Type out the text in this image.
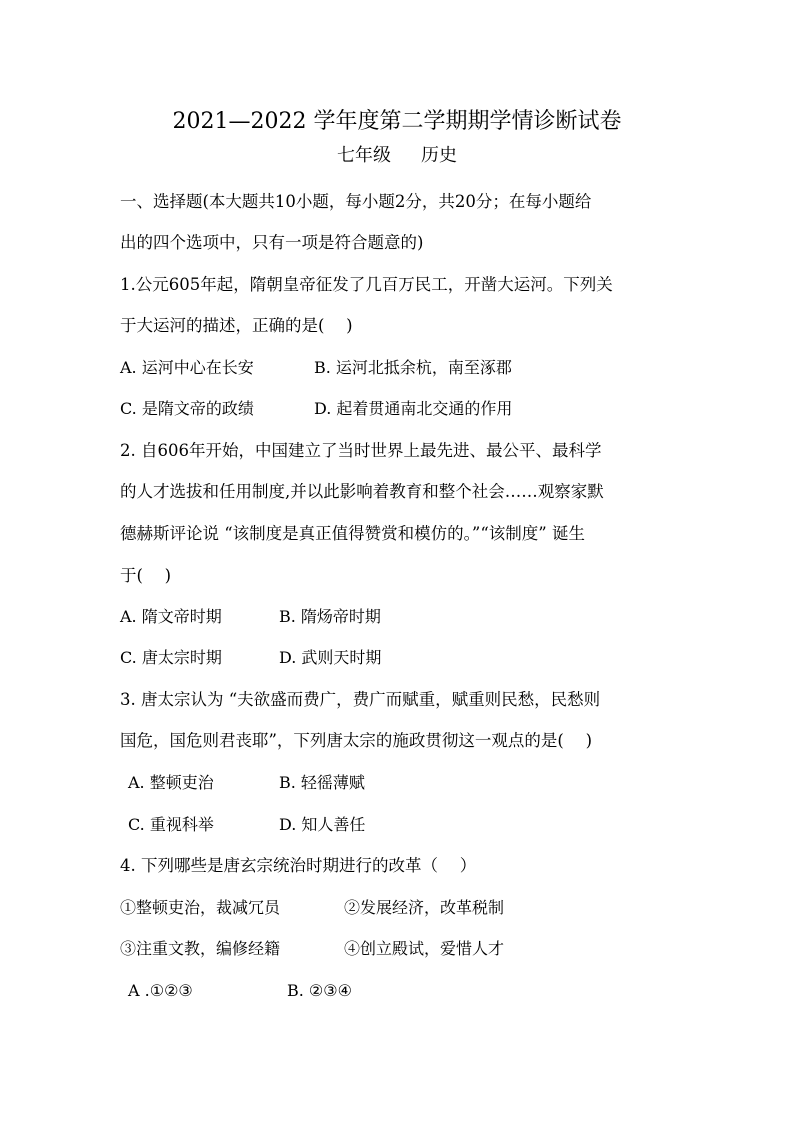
2021—2022 学年度第二学期期学情诊断试卷
七年级 历史
一、选择题(本大题共10小题，每小题2分，共20分；在每小题给
出的四个选项中，只有一项是符合题意的)
1.公元605年起，隋朝皇帝征发了几百万民工，开凿大运河。下列关
于大运河的描述，正确的是(　 )
A. 运河中心在长安	B. 运河北抵余杭，南至涿郡
C. 是隋文帝的政绩	D. 起着贯通南北交通的作用
2. 自606年开始，中国建立了当时世界上最先进、最公平、最科学
的人才选拔和任用制度,并以此影响着教育和整个社会……观察家默
德赫斯评论说 “该制度是真正值得赞赏和模仿的。”“该制度” 诞生
于(　 )
A. 隋文帝时期	B. 隋炀帝时期
C. 唐太宗时期	D. 武则天时期
3. 唐太宗认为 “夫欲盛而费广，费广而赋重，赋重则民愁，民愁则
国危，国危则君丧耶”，下列唐太宗的施政贯彻这一观点的是(　 )
A. 整顿吏治	B. 轻徭薄赋
C. 重视科举	D. 知人善任
4. 下列哪些是唐玄宗统治时期进行的改革（　 ）
①整顿吏治，裁减冗员	②发展经济，改革税制
③注重文教，编修经籍	④创立殿试，爱惜人才
A .①②③	B. ②③④
